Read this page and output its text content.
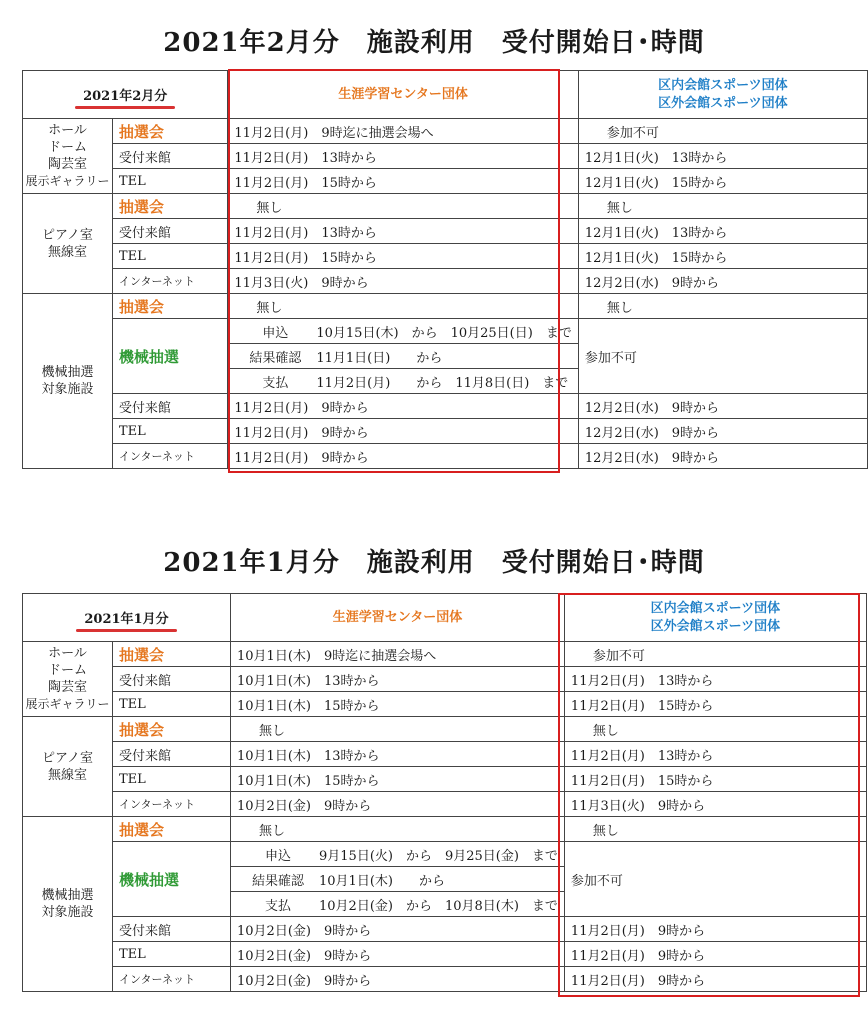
2021年2月分　施設利用　受付開始日･時間
2021年2月分		生涯学習センター団体	区内会館スポーツ団体
区外会館スポーツ団体
ホール
ドーム
陶芸室
展示ギャラリー	抽選会	11月2日(月)　9時迄に抽選会場へ	参加不可
	受付来館	11月2日(月)　13時から	12月1日(火)　13時から
	TEL	11月2日(月)　15時から	12月1日(火)　15時から
ピアノ室
無線室	抽選会	無し	無し
	受付来館	11月2日(月)　13時から	12月1日(火)　13時から
	TEL	11月2日(月)　15時から	12月1日(火)　15時から
	インターネット	11月3日(火)　9時から	12月2日(水)　9時から
機械抽選
対象施設	抽選会	無し	無し
	機械抽選	申込 10月15日(木)　から　10月25日(日)　まで	参加不可
		結果確認 11月1日(日)　　から	
		支払 11月2日(月)　　から　11月8日(日)　まで	
	受付来館	11月2日(月)　9時から	12月2日(水)　9時から
	TEL	11月2日(月)　9時から	12月2日(水)　9時から
	インターネット	11月2日(月)　9時から	12月2日(水)　9時から
2021年1月分　施設利用　受付開始日･時間
2021年1月分		生涯学習センター団体	区内会館スポーツ団体
区外会館スポーツ団体
ホール
ドーム
陶芸室
展示ギャラリー	抽選会	10月1日(木)　9時迄に抽選会場へ	参加不可
	受付来館	10月1日(木)　13時から	11月2日(月)　13時から
	TEL	10月1日(木)　15時から	11月2日(月)　15時から
ピアノ室
無線室	抽選会	無し	無し
	受付来館	10月1日(木)　13時から	11月2日(月)　13時から
	TEL	10月1日(木)　15時から	11月2日(月)　15時から
	インターネット	10月2日(金)　9時から	11月3日(火)　9時から
機械抽選
対象施設	抽選会	無し	無し
	機械抽選	申込 9月15日(火)　から　9月25日(金)　まで	参加不可
		結果確認 10月1日(木)　　から	
		支払 10月2日(金)　から　10月8日(木)　まで	
	受付来館	10月2日(金)　9時から	11月2日(月)　9時から
	TEL	10月2日(金)　9時から	11月2日(月)　9時から
	インターネット	10月2日(金)　9時から	11月2日(月)　9時から
